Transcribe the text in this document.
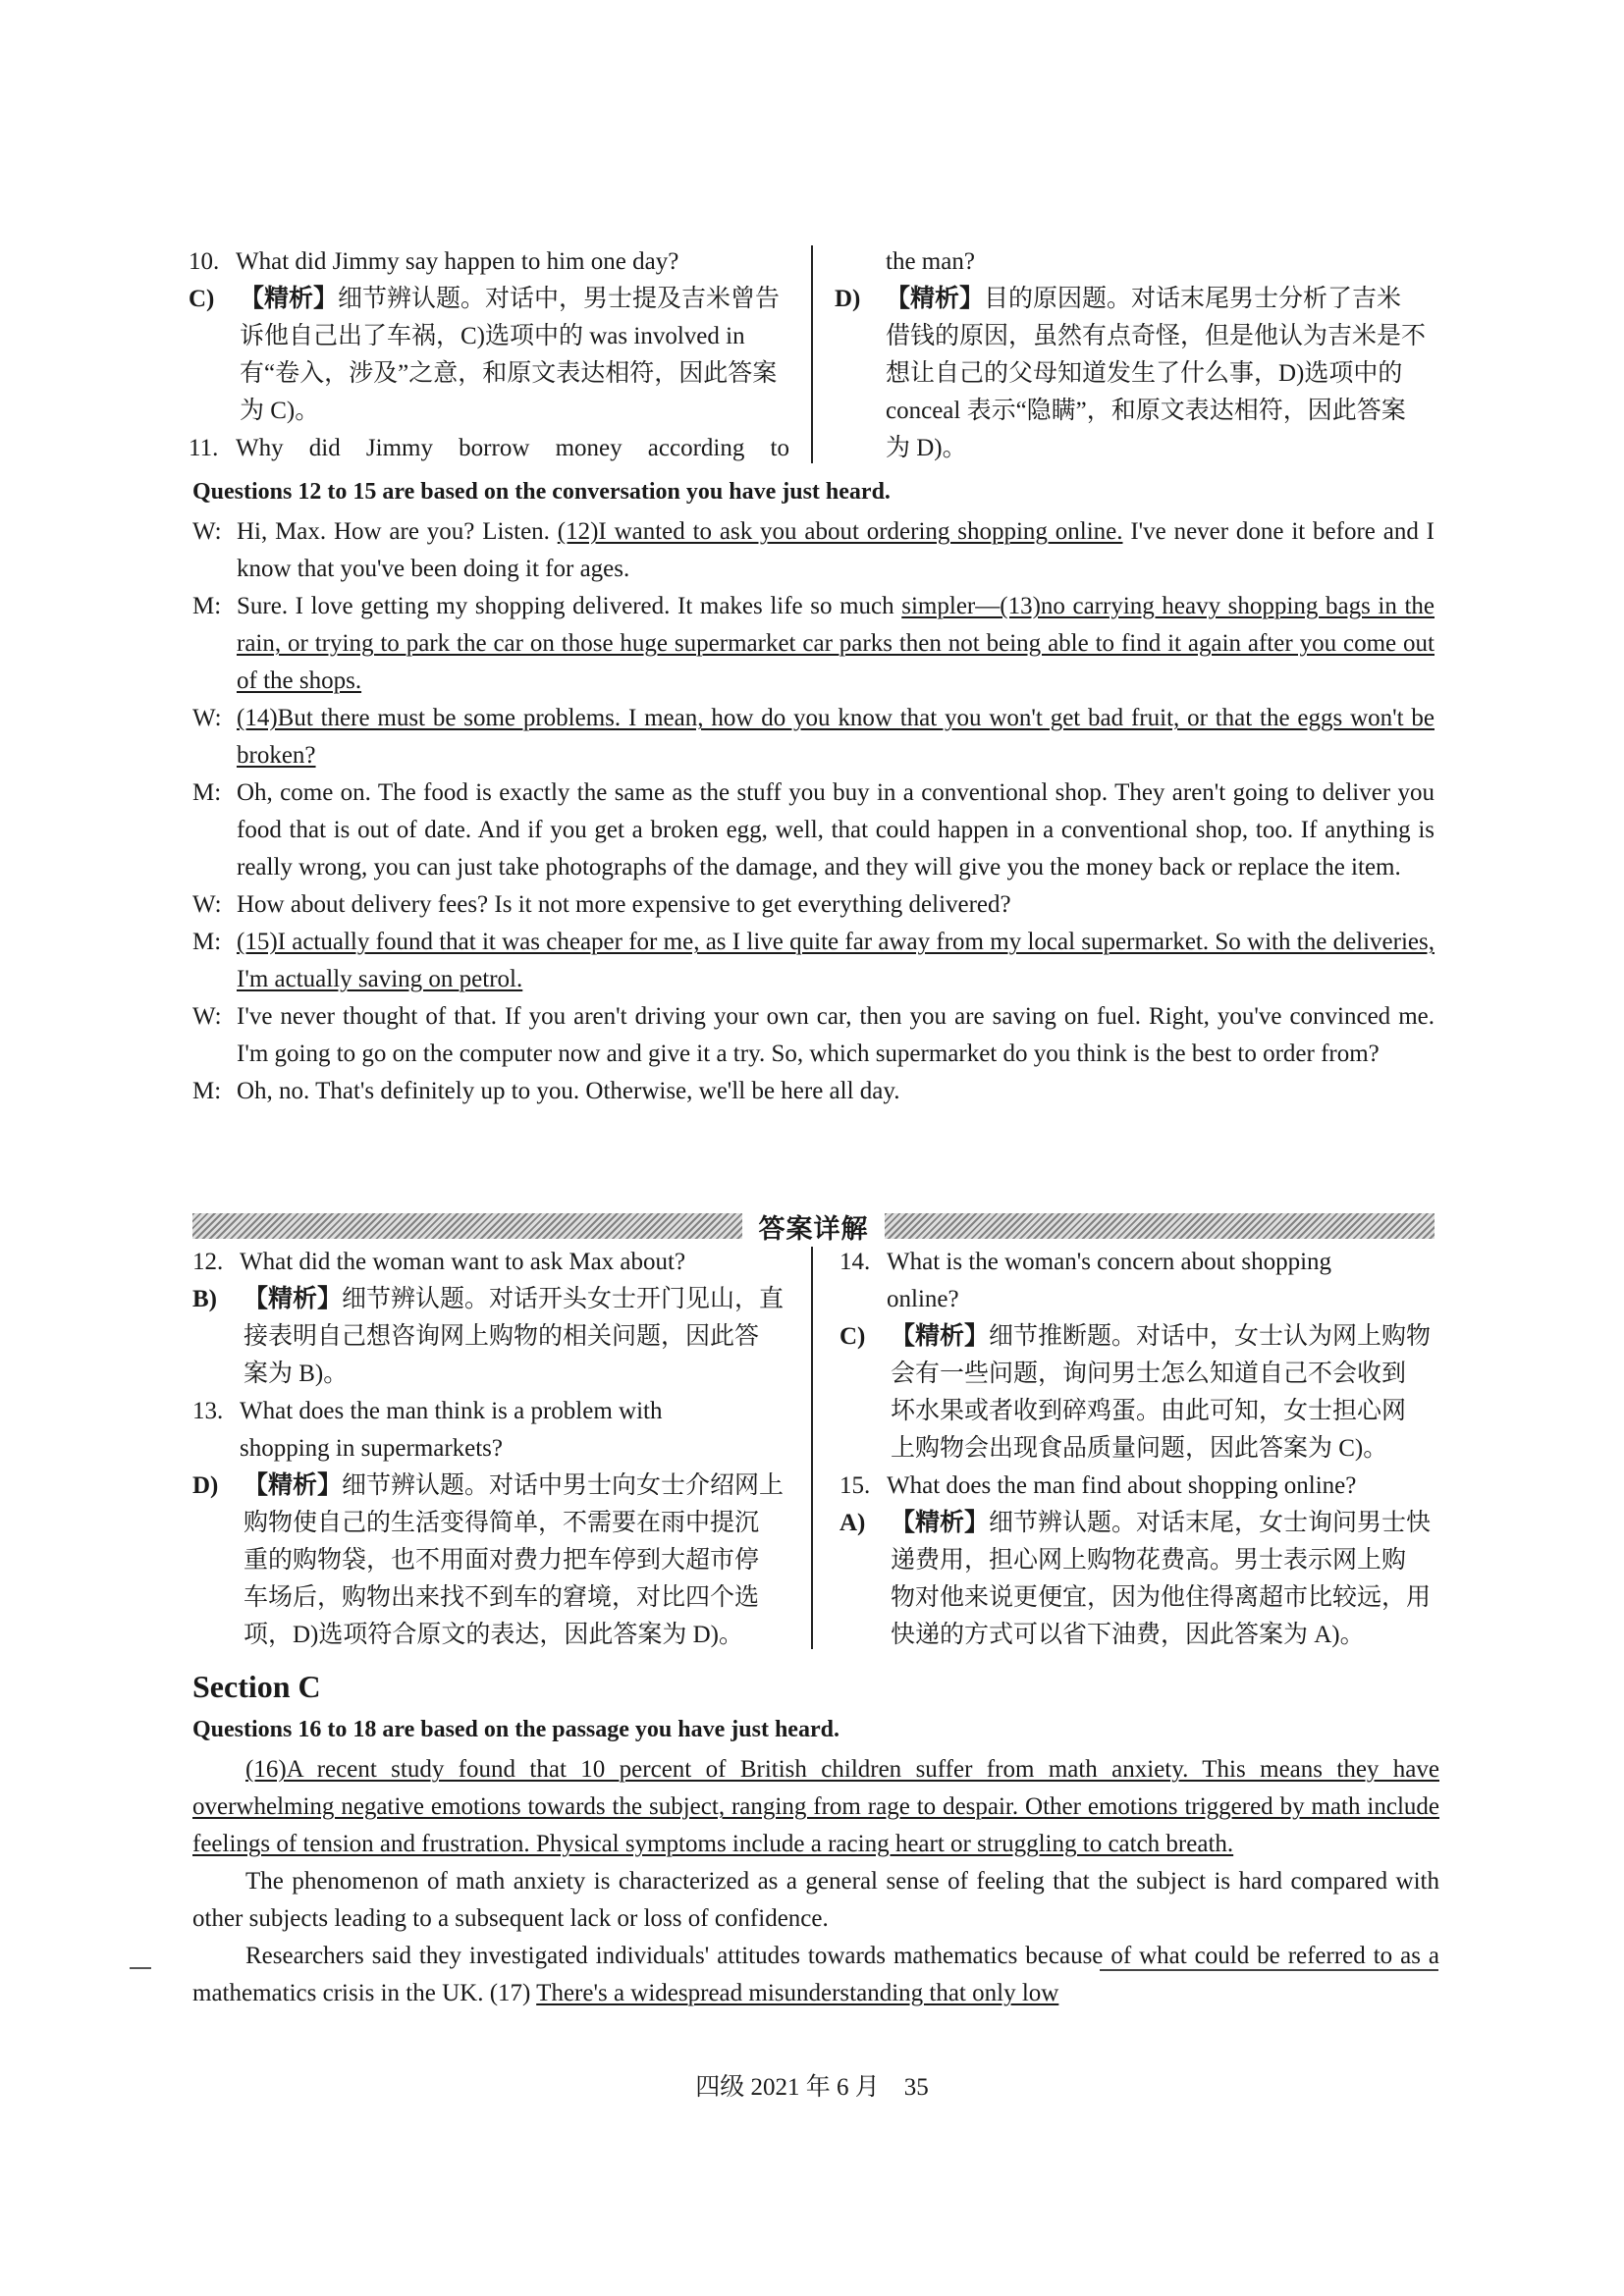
10. What did Jimmy say happen to him one day?
C) 【精析】细节辨认题。对话中，男士提及吉米曾告
诉他自己出了车祸，C)选项中的 was involved in
有“卷入，涉及”之意，和原文表达相符，因此答案
为 C)。
11. Why did Jimmy borrow money according to
the man?
D) 【精析】目的原因题。对话末尾男士分析了吉米
借钱的原因，虽然有点奇怪，但是他认为吉米是不
想让自己的父母知道发生了什么事，D)选项中的
conceal 表示“隐瞒”，和原文表达相符，因此答案
为 D)。
Questions 12 to 15 are based on the conversation you have just heard.
W: Hi, Max. How are you? Listen. (12)I wanted to ask you about ordering shopping online. I've never done it before and I know that you've been doing it for ages.
M: Sure. I love getting my shopping delivered. It makes life so much simpler—(13)no carrying heavy shopping bags in the rain, or trying to park the car on those huge supermarket car parks then not being able to find it again after you come out of the shops.
W: (14)But there must be some problems. I mean, how do you know that you won't get bad fruit, or that the eggs won't be broken?
M: Oh, come on. The food is exactly the same as the stuff you buy in a conventional shop. They aren't going to deliver you food that is out of date. And if you get a broken egg, well, that could happen in a conventional shop, too. If anything is really wrong, you can just take photographs of the damage, and they will give you the money back or replace the item.
W: How about delivery fees? Is it not more expensive to get everything delivered?
M: (15)I actually found that it was cheaper for me, as I live quite far away from my local supermarket. So with the deliveries, I'm actually saving on petrol.
W: I've never thought of that. If you aren't driving your own car, then you are saving on fuel. Right, you've convinced me. I'm going to go on the computer now and give it a try. So, which supermarket do you think is the best to order from?
M: Oh, no. That's definitely up to you. Otherwise, we'll be here all day.
答案详解
12. What did the woman want to ask Max about?
B) 【精析】细节辨认题。对话开头女士开门见山，直
接表明自己想咨询网上购物的相关问题，因此答
案为 B)。
13. What does the man think is a problem with
shopping in supermarkets?
D) 【精析】细节辨认题。对话中男士向女士介绍网上
购物使自己的生活变得简单，不需要在雨中提沉
重的购物袋，也不用面对费力把车停到大超市停
车场后，购物出来找不到车的窘境，对比四个选
项，D)选项符合原文的表达，因此答案为 D)。
14. What is the woman's concern about shopping
online?
C) 【精析】细节推断题。对话中，女士认为网上购物
会有一些问题，询问男士怎么知道自己不会收到
坏水果或者收到碎鸡蛋。由此可知，女士担心网
上购物会出现食品质量问题，因此答案为 C)。
15. What does the man find about shopping online?
A) 【精析】细节辨认题。对话末尾，女士询问男士快
递费用，担心网上购物花费高。男士表示网上购
物对他来说更便宜，因为他住得离超市比较远，用
快递的方式可以省下油费，因此答案为 A)。
Section C
Questions 16 to 18 are based on the passage you have just heard.

(16)A recent study found that 10 percent of British children suffer from math anxiety. This means they have overwhelming negative emotions towards the subject, ranging from rage to despair. Other emotions triggered by math include feelings of tension and frustration. Physical symptoms include a racing heart or struggling to catch breath.

The phenomenon of math anxiety is characterized as a general sense of feeling that the subject is hard compared with other subjects leading to a subsequent lack or loss of confidence.

Researchers said they investigated individuals' attitudes towards mathematics because of what could be referred to as a mathematics crisis in the UK. (17) There's a widespread misunderstanding that only low

四级 2021 年 6 月　35
